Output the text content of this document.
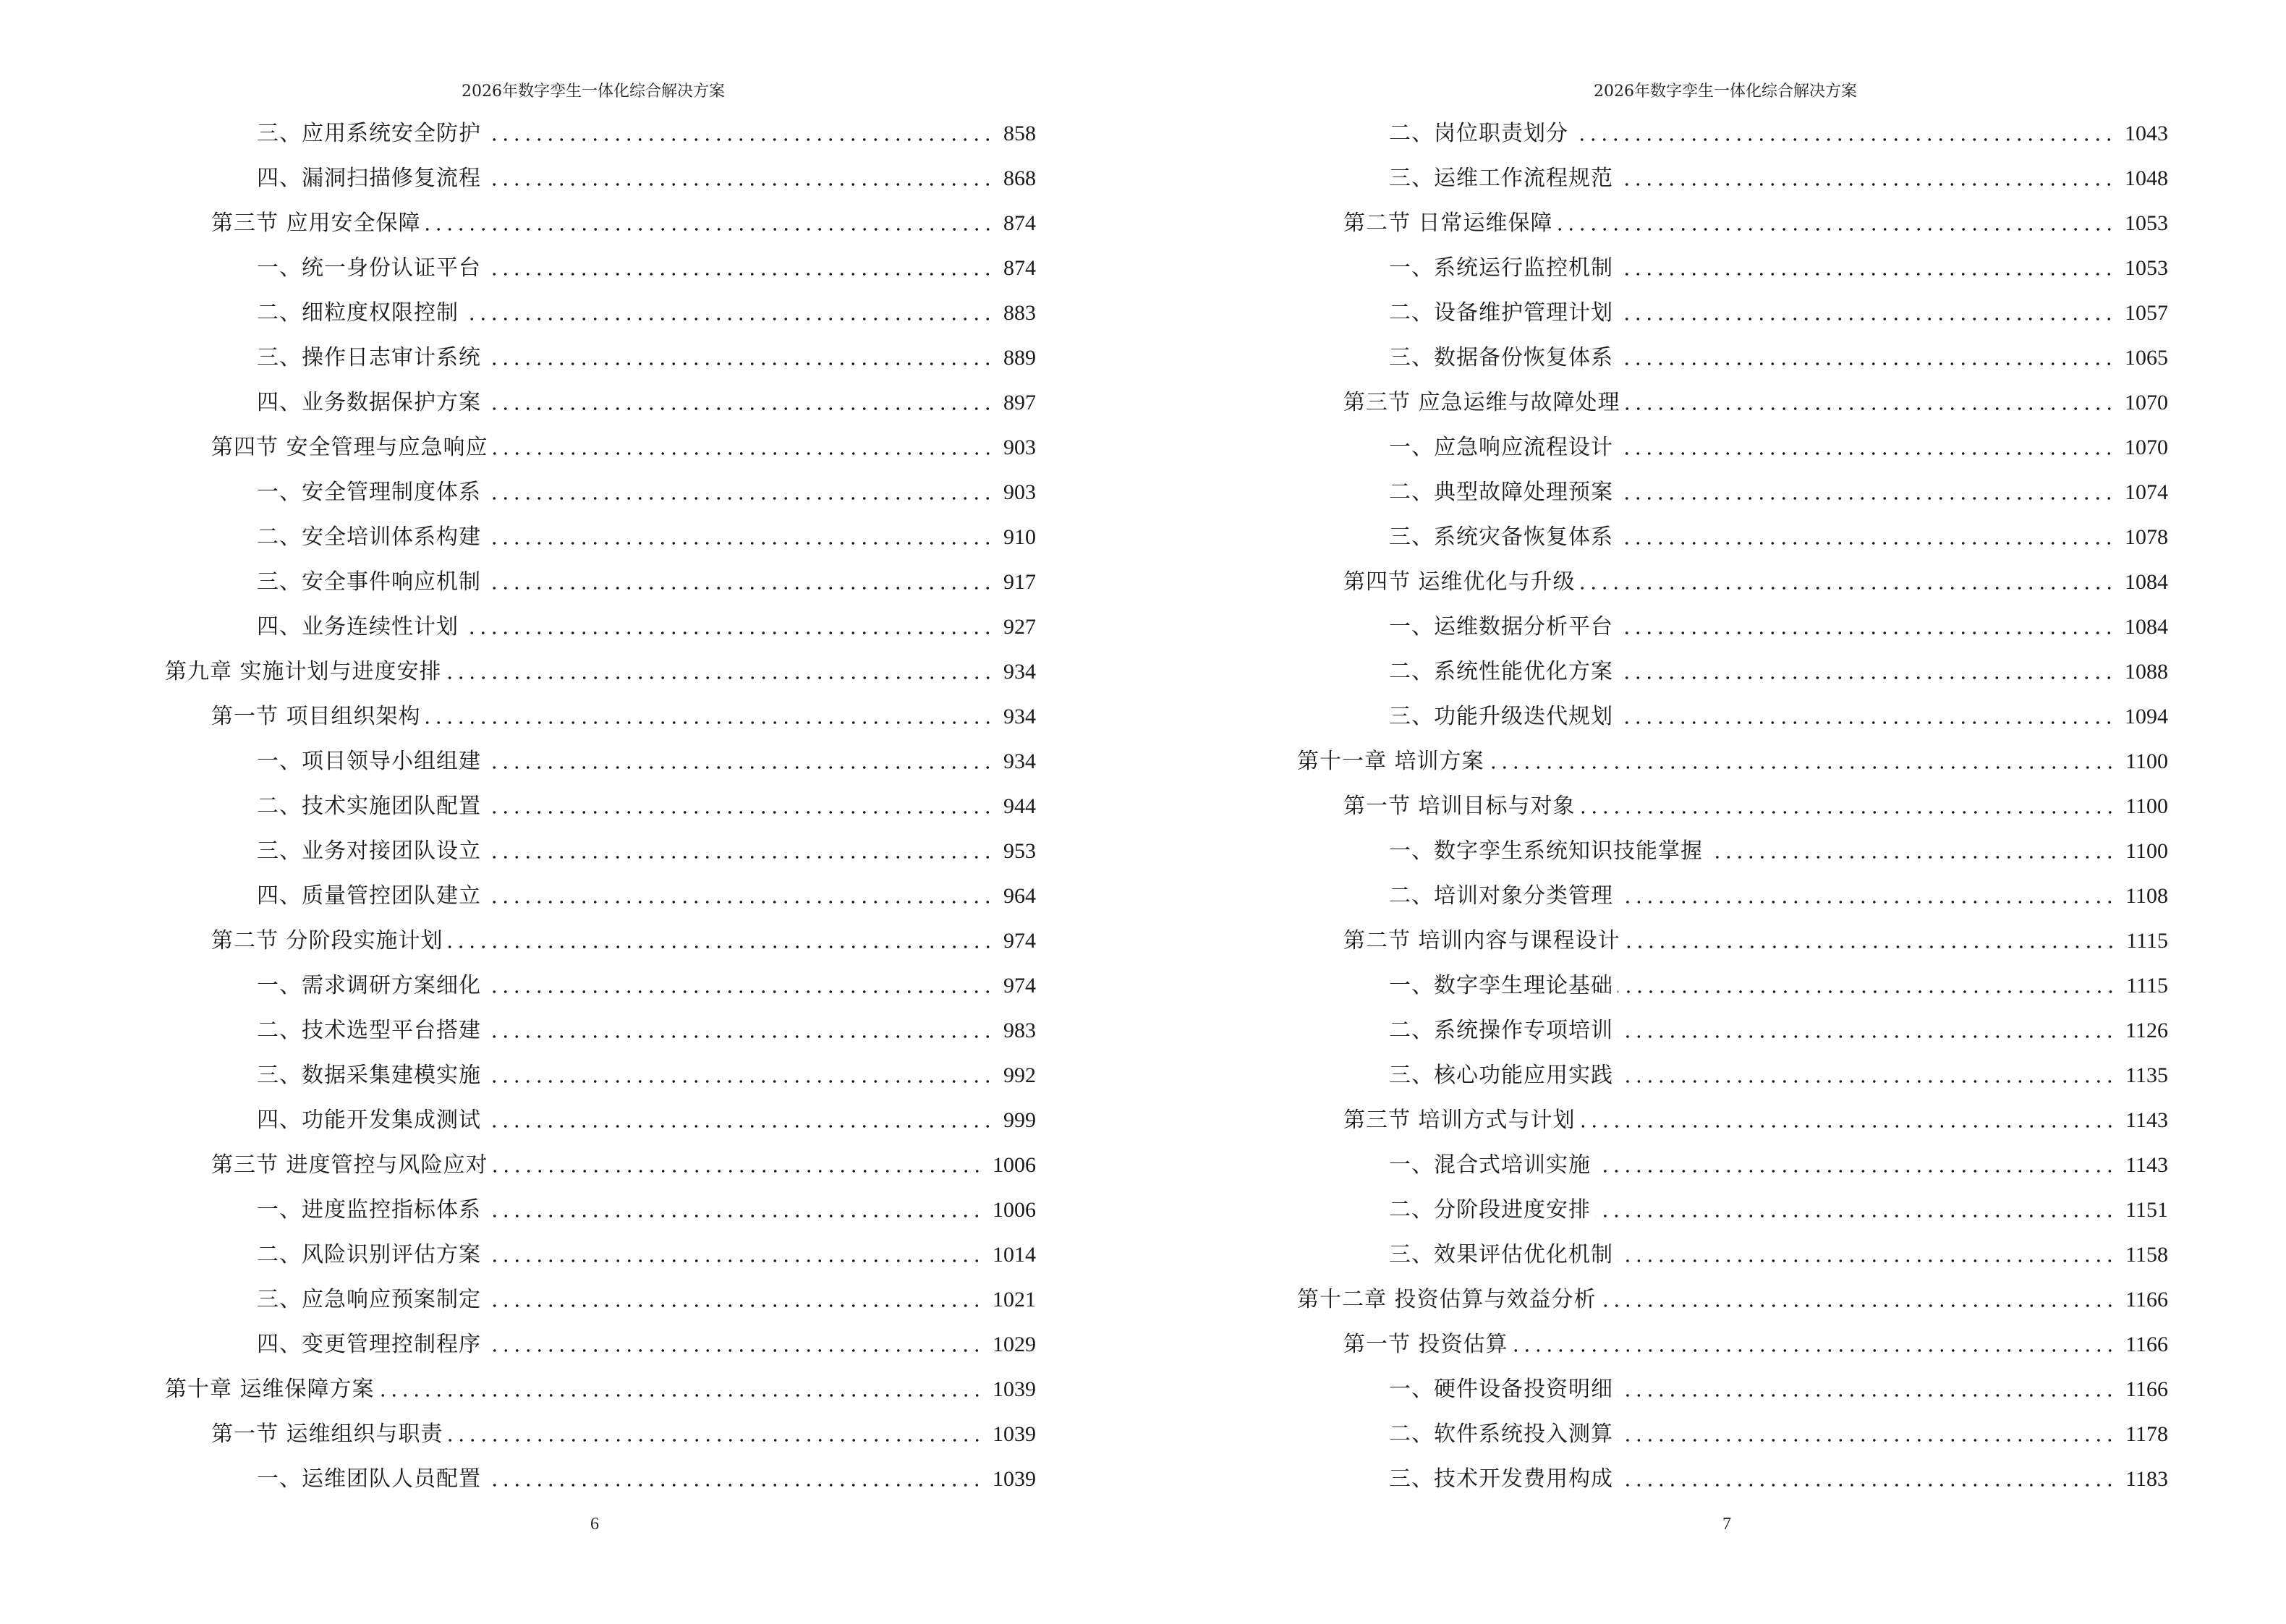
2026年数字孪生一体化综合解决方案
三、应用系统安全防护	858
四、漏洞扫描修复流程	868
第三节 应用安全保障	874
一、统一身份认证平台	874
二、细粒度权限控制	883
三、操作日志审计系统	889
四、业务数据保护方案	897
第四节 安全管理与应急响应	903
一、安全管理制度体系	903
二、安全培训体系构建	910
三、安全事件响应机制	917
四、业务连续性计划	927
第九章 实施计划与进度安排	934
第一节 项目组织架构	934
一、项目领导小组组建	934
二、技术实施团队配置	944
三、业务对接团队设立	953
四、质量管控团队建立	964
第二节 分阶段实施计划	974
一、需求调研方案细化	974
二、技术选型平台搭建	983
三、数据采集建模实施	992
四、功能开发集成测试	999
第三节 进度管控与风险应对	1006
一、进度监控指标体系	1006
二、风险识别评估方案	1014
三、应急响应预案制定	1021
四、变更管理控制程序	1029
第十章 运维保障方案	1039
第一节 运维组织与职责	1039
一、运维团队人员配置	1039
6
2026年数字孪生一体化综合解决方案
二、岗位职责划分	1043
三、运维工作流程规范	1048
第二节 日常运维保障	1053
一、系统运行监控机制	1053
二、设备维护管理计划	1057
三、数据备份恢复体系	1065
第三节 应急运维与故障处理	1070
一、应急响应流程设计	1070
二、典型故障处理预案	1074
三、系统灾备恢复体系	1078
第四节 运维优化与升级	1084
一、运维数据分析平台	1084
二、系统性能优化方案	1088
三、功能升级迭代规划	1094
第十一章 培训方案	1100
第一节 培训目标与对象	1100
一、数字孪生系统知识技能掌握	1100
二、培训对象分类管理	1108
第二节 培训内容与课程设计	1115
一、数字孪生理论基础	1115
二、系统操作专项培训	1126
三、核心功能应用实践	1135
第三节 培训方式与计划	1143
一、混合式培训实施	1143
二、分阶段进度安排	1151
三、效果评估优化机制	1158
第十二章 投资估算与效益分析	1166
第一节 投资估算	1166
一、硬件设备投资明细	1166
二、软件系统投入测算	1178
三、技术开发费用构成	1183
7
